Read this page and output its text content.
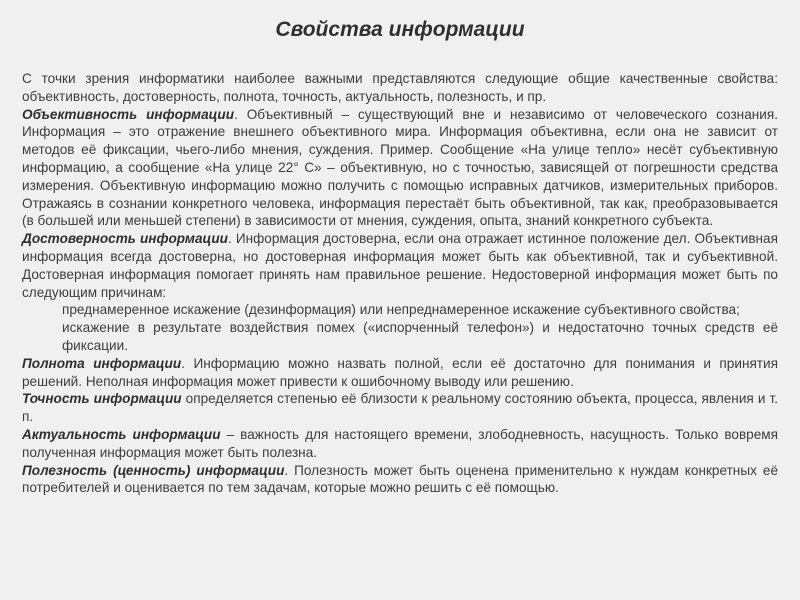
Свойства информации

С точки зрения информатики наиболее важными представляются следующие общие качественные свойства: объективность, достоверность, полнота, точность, актуальность, полезность, и пр.

Объективность информации. Объективный – существующий вне и независимо от человеческого сознания. Информация – это отражение внешнего объективного мира. Информация объективна, если она не зависит от методов её фиксации, чьего-либо мнения, суждения. Пример. Сообщение «На улице тепло» несёт субъективную информацию, а сообщение «На улице 22° С» – объективную, но с точностью, зависящей от погрешности средства измерения. Объективную информацию можно получить с помощью исправных датчиков, измерительных приборов. Отражаясь в сознании конкретного человека, информация перестаёт быть объективной, так как, преобразовывается (в большей или меньшей степени) в зависимости от мнения, суждения, опыта, знаний конкретного субъекта.

Достоверность информации. Информация достоверна, если она отражает истинное положение дел. Объективная информация всегда достоверна, но достоверная информация может быть как объективной, так и субъективной. Достоверная информация помогает принять нам правильное решение. Недостоверной информация может быть по следующим причинам:

преднамеренное искажение (дезинформация) или непреднамеренное искажение субъективного свойства;

искажение в результате воздействия помех («испорченный телефон») и недостаточно точных средств её фиксации.

Полнота информации. Информацию можно назвать полной, если её достаточно для понимания и принятия решений. Неполная информация может привести к ошибочному выводу или решению.

Точность информации определяется степенью её близости к реальному состоянию объекта, процесса, явления и т. п.

Актуальность информации – важность для настоящего времени, злободневность, насущность. Только вовремя полученная информация может быть полезна.

Полезность (ценность) информации. Полезность может быть оценена применительно к нуждам конкретных её потребителей и оценивается по тем задачам, которые можно решить с её помощью.
